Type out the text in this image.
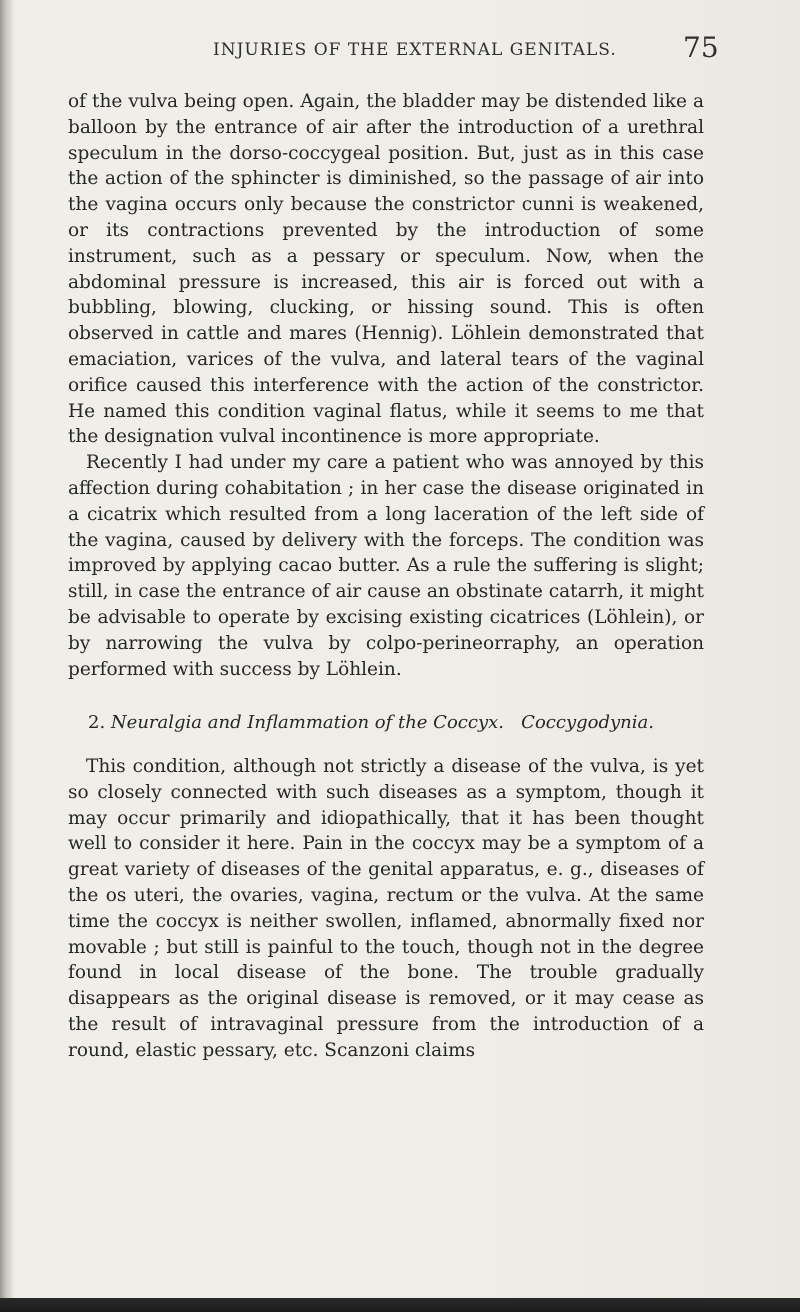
INJURIES OF THE EXTERNAL GENITALS.	75

of the vulva being open. Again, the bladder may be distended like a balloon by the entrance of air after the introduction of a urethral speculum in the dorso-coccygeal position. But, just as in this case the action of the sphincter is diminished, so the passage of air into the vagina occurs only because the constrictor cunni is weakened, or its contractions prevented by the introduction of some instrument, such as a pessary or speculum. Now, when the abdominal pressure is increased, this air is forced out with a bubbling, blowing, clucking, or hissing sound. This is often observed in cattle and mares (Hennig). Löhlein demonstrated that emaciation, varices of the vulva, and lateral tears of the vaginal orifice caused this interference with the action of the constrictor. He named this condition vaginal flatus, while it seems to me that the designation vulval incontinence is more appropriate.

Recently I had under my care a patient who was annoyed by this affection during cohabitation ; in her case the disease originated in a cicatrix which resulted from a long laceration of the left side of the vagina, caused by delivery with the forceps. The condition was improved by applying cacao butter. As a rule the suffering is slight; still, in case the entrance of air cause an obstinate catarrh, it might be advisable to operate by excising existing cicatrices (Löhlein), or by narrowing the vulva by colpo-perineorraphy, an operation performed with success by Löhlein.

2. Neuralgia and Inflammation of the Coccyx. Coccygodynia.

This condition, although not strictly a disease of the vulva, is yet so closely connected with such diseases as a symptom, though it may occur primarily and idiopathically, that it has been thought well to consider it here. Pain in the coccyx may be a symptom of a great variety of diseases of the genital apparatus, e. g., diseases of the os uteri, the ovaries, vagina, rectum or the vulva. At the same time the coccyx is neither swollen, inflamed, abnormally fixed nor movable ; but still is painful to the touch, though not in the degree found in local disease of the bone. The trouble gradually disappears as the original disease is removed, or it may cease as the result of intravaginal pressure from the introduction of a round, elastic pessary, etc. Scanzoni claims
